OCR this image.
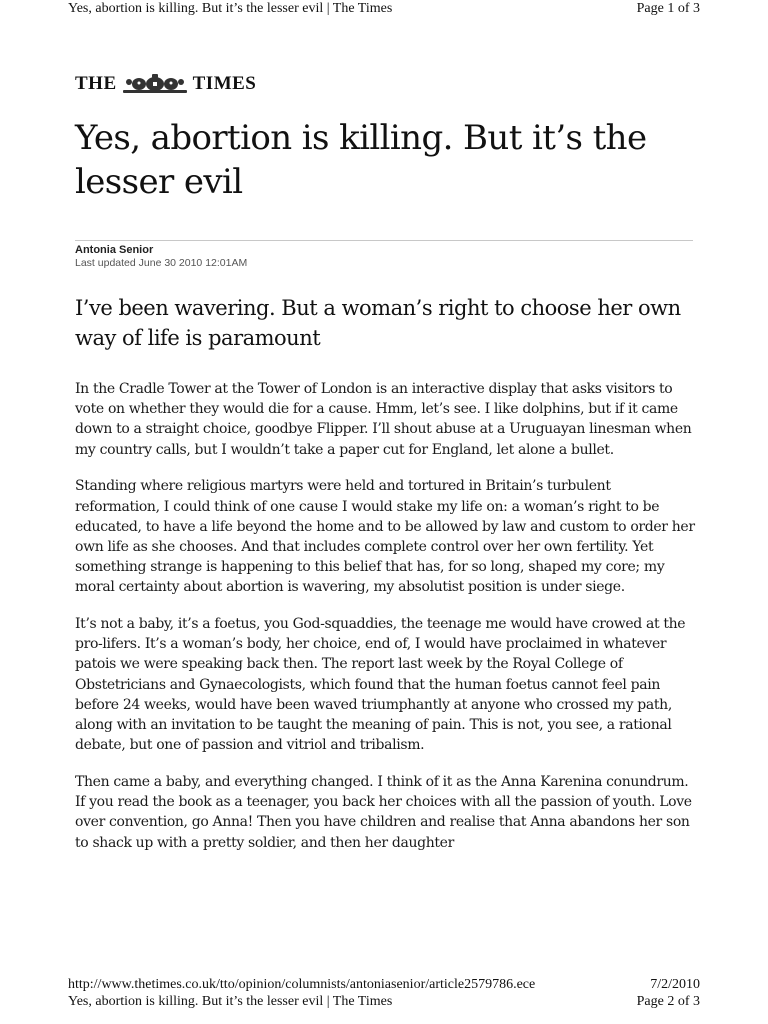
Yes, abortion is killing. But it’s the lesser evil | The Times	Page 1 of 3
THE	TIMES
Yes, abortion is killing. But it’s the lesser evil
Antonia Senior
Last updated June 30 2010 12:01AM
I’ve been wavering. But a woman’s right to choose her own way of life is paramount

In the Cradle Tower at the Tower of London is an interactive display that asks visitors to vote on whether they would die for a cause. Hmm, let’s see. I like dolphins, but if it came down to a straight choice, goodbye Flipper. I’ll shout abuse at a Uruguayan linesman when my country calls, but I wouldn’t take a paper cut for England, let alone a bullet.

Standing where religious martyrs were held and tortured in Britain’s turbulent reformation, I could think of one cause I would stake my life on: a woman’s right to be educated, to have a life beyond the home and to be allowed by law and custom to order her own life as she chooses. And that includes complete control over her own fertility. Yet something strange is happening to this belief that has, for so long, shaped my core; my moral certainty about abortion is wavering, my absolutist position is under siege.

It’s not a baby, it’s a foetus, you God-squaddies, the teenage me would have crowed at the pro-lifers. It’s a woman’s body, her choice, end of, I would have proclaimed in whatever patois we were speaking back then. The report last week by the Royal College of Obstetricians and Gynaecologists, which found that the human foetus cannot feel pain before 24 weeks, would have been waved triumphantly at anyone who crossed my path, along with an invitation to be taught the meaning of pain. This is not, you see, a rational debate, but one of passion and vitriol and tribalism.

Then came a baby, and everything changed. I think of it as the Anna Karenina conundrum. If you read the book as a teenager, you back her choices with all the passion of youth. Love over convention, go Anna! Then you have children and realise that Anna abandons her son to shack up with a pretty soldier, and then her daughter

http://www.thetimes.co.uk/tto/opinion/columnists/antoniasenior/article2579786.ece	7/2/2010
Yes, abortion is killing. But it’s the lesser evil | The Times	Page 2 of 3
